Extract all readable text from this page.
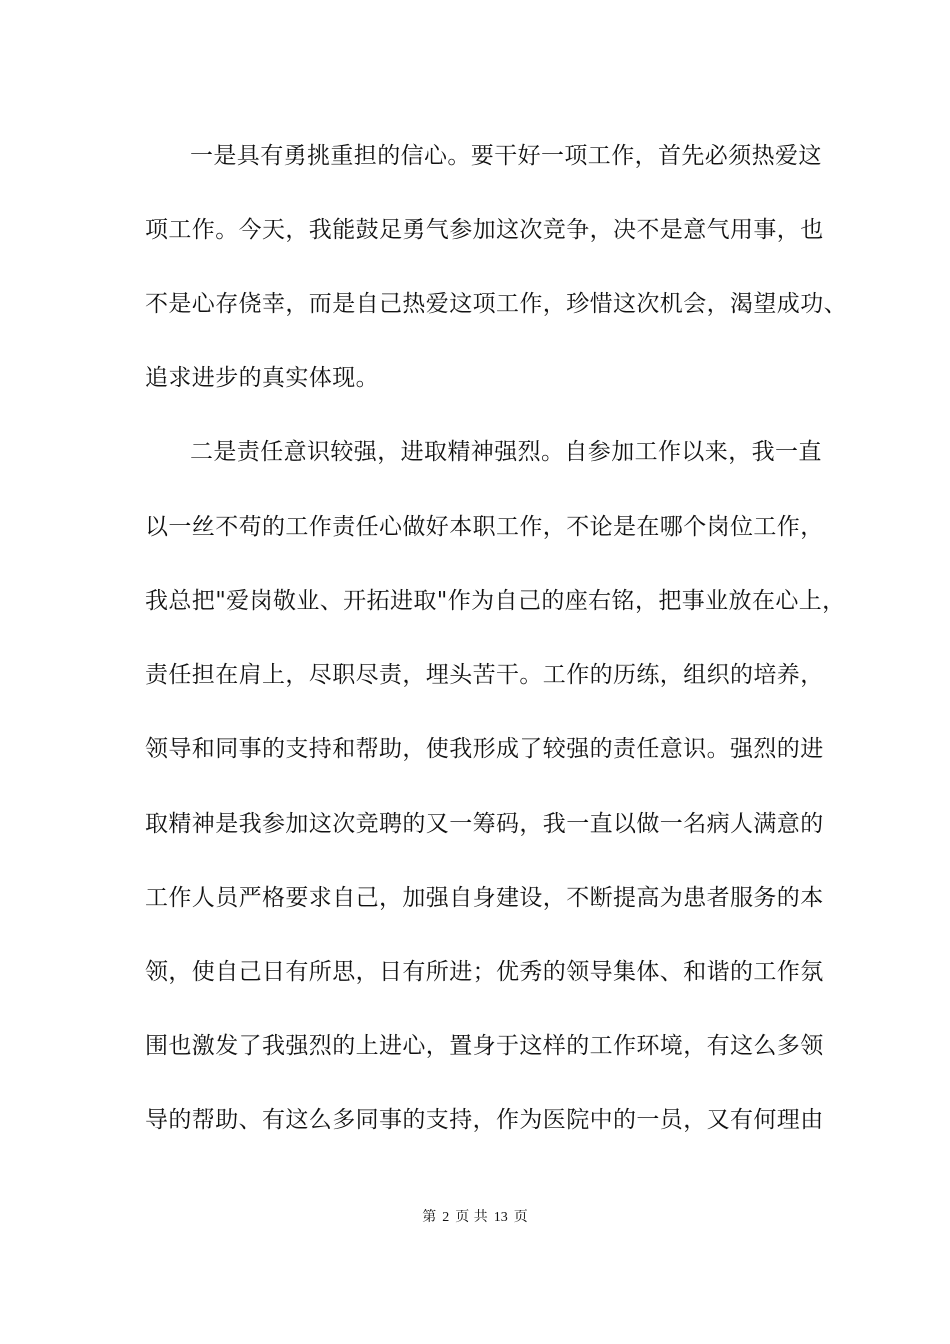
一是具有勇挑重担的信心。要干好一项工作，首先必须热爱这
项工作。今天，我能鼓足勇气参加这次竞争，决不是意气用事，也
不是心存侥幸，而是自己热爱这项工作，珍惜这次机会，渴望成功、
追求进步的真实体现。
二是责任意识较强，进取精神强烈。自参加工作以来，我一直
以一丝不苟的工作责任心做好本职工作，不论是在哪个岗位工作，
我总把"爱岗敬业、开拓进取"作为自己的座右铭，把事业放在心上，
责任担在肩上，尽职尽责，埋头苦干。工作的历练，组织的培养，
领导和同事的支持和帮助，使我形成了较强的责任意识。强烈的进
取精神是我参加这次竞聘的又一筹码，我一直以做一名病人满意的
工作人员严格要求自己，加强自身建设，不断提高为患者服务的本
领，使自己日有所思，日有所进；优秀的领导集体、和谐的工作氛
围也激发了我强烈的上进心，置身于这样的工作环境，有这么多领
导的帮助、有这么多同事的支持，作为医院中的一员，又有何理由
第 2 页 共 13 页
